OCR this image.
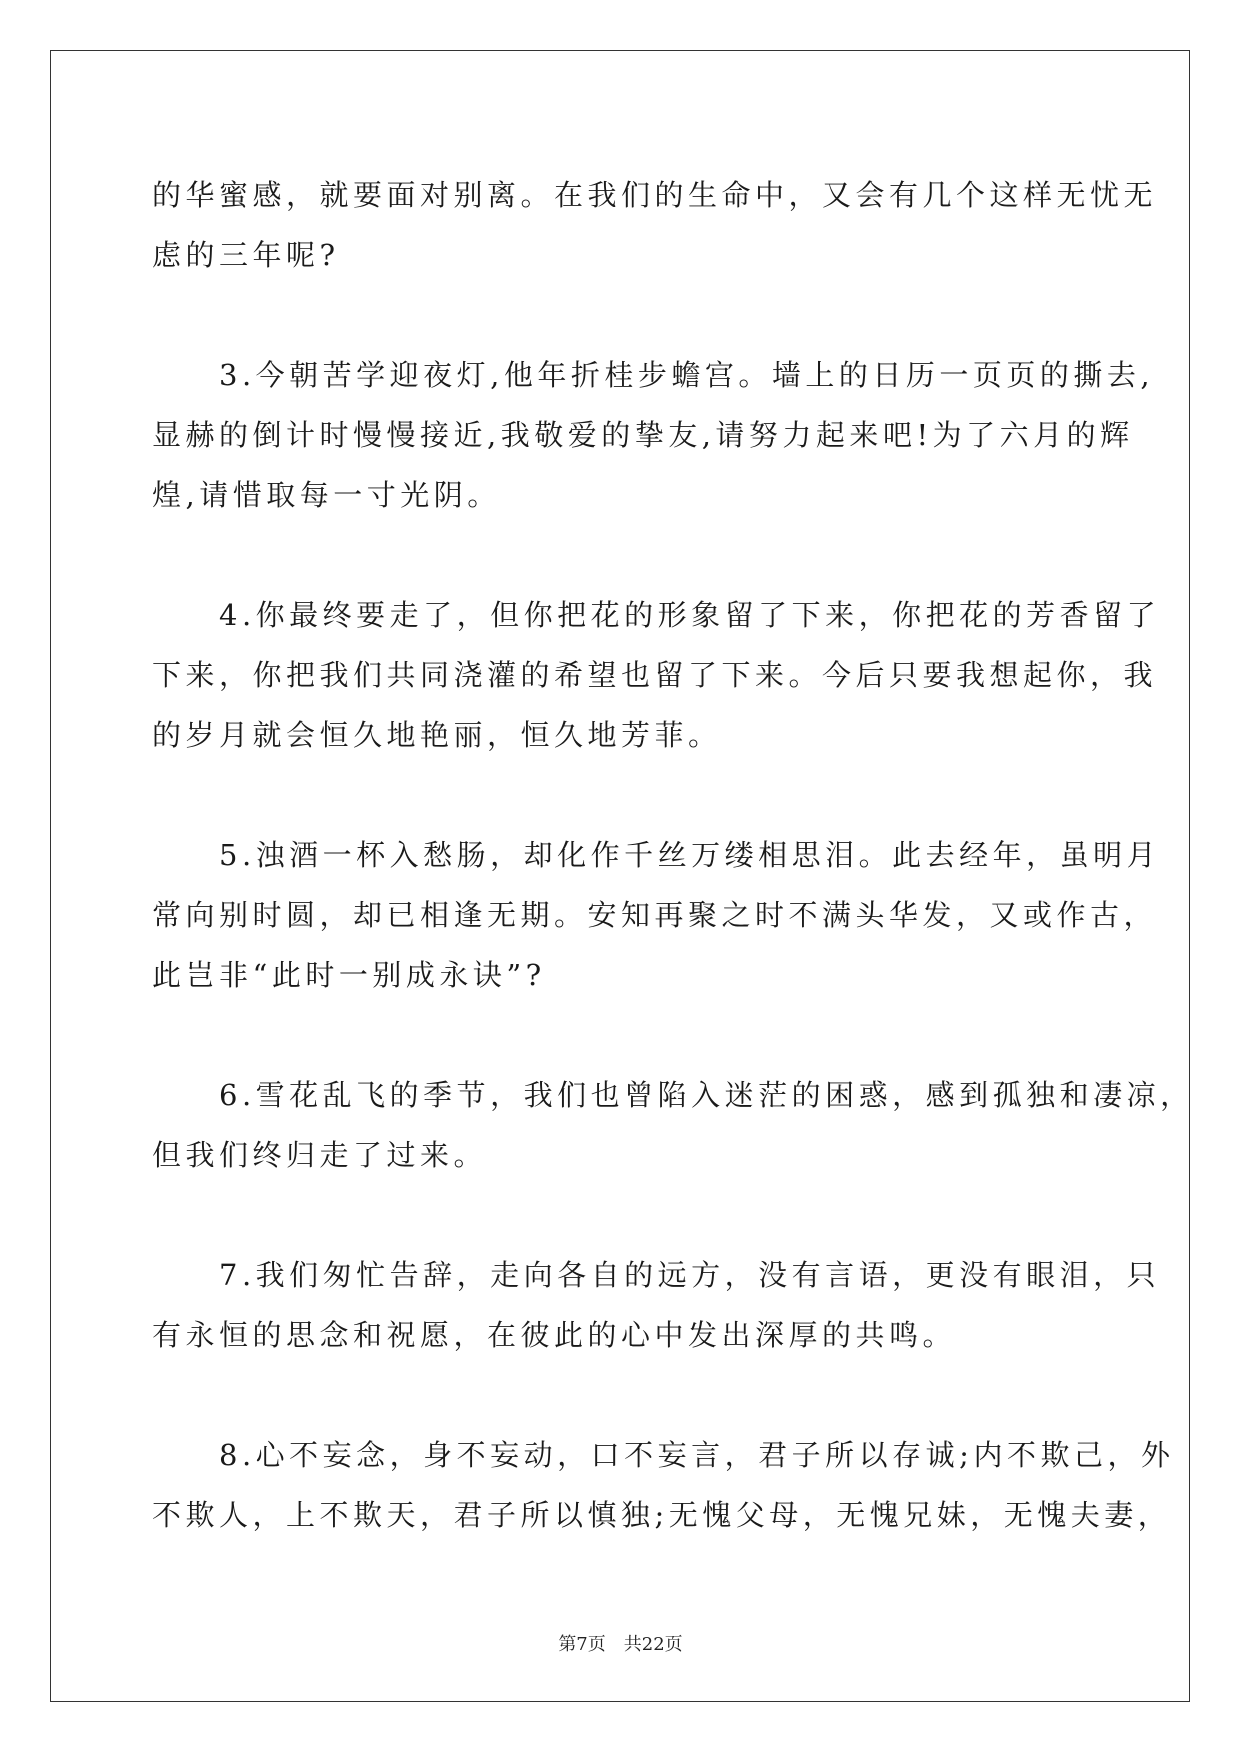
的华蜜感，就要面对别离。在我们的生命中，又会有几个这样无忧无
虑的三年呢?
　　3.今朝苦学迎夜灯,他年折桂步蟾宫。墙上的日历一页页的撕去,
显赫的倒计时慢慢接近,我敬爱的挚友,请努力起来吧!为了六月的辉
煌,请惜取每一寸光阴。
　　4.你最终要走了，但你把花的形象留了下来，你把花的芳香留了
下来，你把我们共同浇灌的希望也留了下来。今后只要我想起你，我
的岁月就会恒久地艳丽，恒久地芳菲。
　　5.浊酒一杯入愁肠，却化作千丝万缕相思泪。此去经年，虽明月
常向别时圆，却已相逢无期。安知再聚之时不满头华发，又或作古，
此岂非“此时一别成永诀”?
　　6.雪花乱飞的季节，我们也曾陷入迷茫的困惑，感到孤独和凄凉，
但我们终归走了过来。
　　7.我们匆忙告辞，走向各自的远方，没有言语，更没有眼泪，只
有永恒的思念和祝愿，在彼此的心中发出深厚的共鸣。
　　8.心不妄念，身不妄动，口不妄言，君子所以存诚;内不欺己，外
不欺人，上不欺天，君子所以慎独;无愧父母，无愧兄妹，无愧夫妻，
第7页　共22页
